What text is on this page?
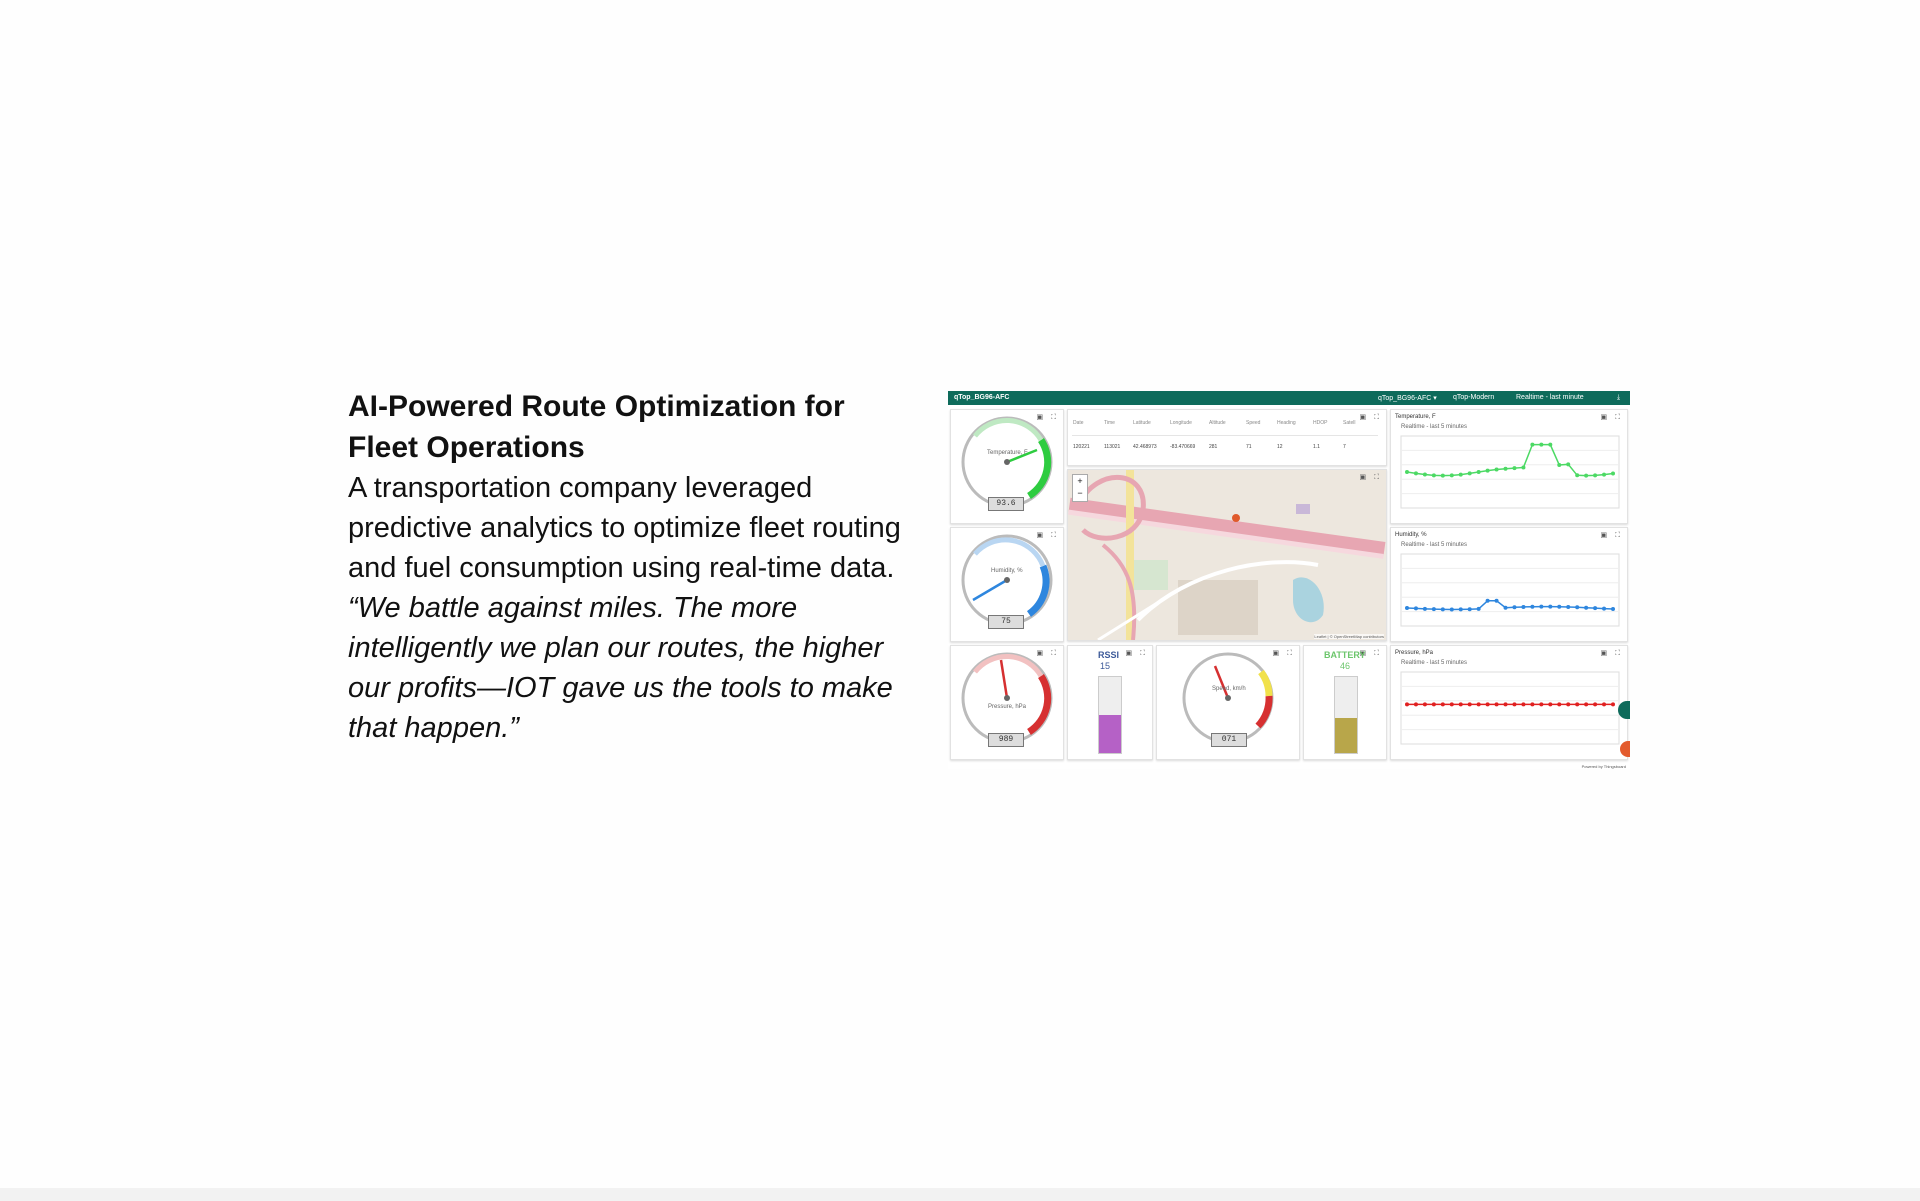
AI-Powered Route Optimization for Fleet Operations

A transportation company leveraged predictive analytics to optimize fleet routing and fuel consumption using real-time data.

“We battle against miles. The more intelligently we plan our routes, the higher our profits—IOT gave us the tools to make that happen.”

qTop_BG96-AFC	qTop_BG96-AFC ▾ qTop-Modern	Realtime - last minute	⤓
▣ ⛶
Temperature, F
93.6
▣ ⛶
Humidity, %
75
▣ ⛶
Pressure, hPa
989
▣ ⛶
Date	Time	Latitude	Longitude	Altitude	Speed	Heading	HDOP	Satell
120221	113021	42.468973	-83.470669	281	71	12	1.1	7
+
−
▣ ⛶
Leaflet | © OpenStreetMap contributors
▣ ⛶
RSSI
15
▣ ⛶
Speed, km/h
071
▣ ⛶
BATTERY
46
▣ ⛶
Temperature, F
Realtime - last 5 minutes
▣ ⛶
Humidity, %
Realtime - last 5 minutes
▣ ⛶
Pressure, hPa
Realtime - last 5 minutes
Powered by Thingsboard
